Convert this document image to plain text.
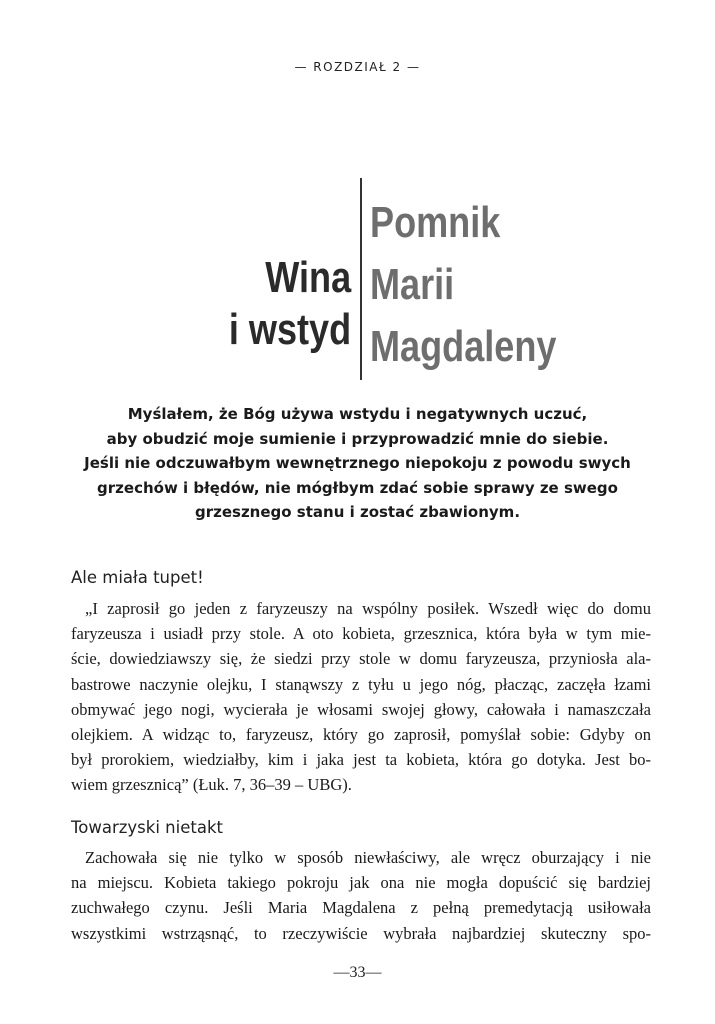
— ROZDZIAŁ 2 —
Wina
i wstyd
Pomnik
Marii
Magdaleny
Myślałem, że Bóg używa wstydu i negatywnych uczuć,
aby obudzić moje sumienie i przyprowadzić mnie do siebie.
Jeśli nie odczuwałbym wewnętrznego niepokoju z powodu swych
grzechów i błędów, nie mógłbym zdać sobie sprawy ze swego
grzesznego stanu i zostać zbawionym.
Ale miała tupet!
„I zaprosił go jeden z faryzeuszy na wspólny posiłek. Wszedł więc do domu
faryzeusza i usiadł przy stole. A oto kobieta, grzesznica, która była w tym mie-
ście, dowiedziawszy się, że siedzi przy stole w domu faryzeusza, przyniosła ala-
bastrowe naczynie olejku, I stanąwszy z tyłu u jego nóg, płacząc, zaczęła łzami
obmywać jego nogi, wycierała je włosami swojej głowy, całowała i namaszczała
olejkiem. A widząc to, faryzeusz, który go zaprosił, pomyślał sobie: Gdyby on
był prorokiem, wiedziałby, kim i jaka jest ta kobieta, która go dotyka. Jest bo-
wiem grzesznicą” (Łuk. 7, 36–39 – UBG).
Towarzyski nietakt
Zachowała się nie tylko w sposób niewłaściwy, ale wręcz oburzający i nie
na miejscu. Kobieta takiego pokroju jak ona nie mogła dopuścić się bardziej
zuchwałego czynu. Jeśli Maria Magdalena z pełną premedytacją usiłowała
wszystkimi wstrząsnąć, to rzeczywiście wybrała najbardziej skuteczny spo-
—33—
